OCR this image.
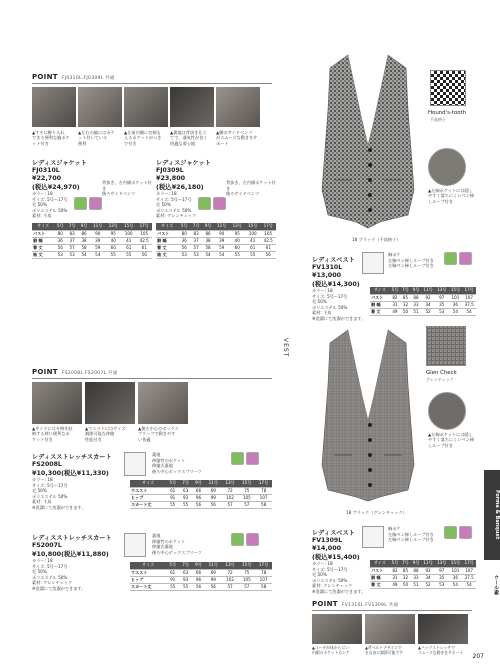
POINT FJ0310L.FJ0309L 共通
▲すそに飾り入れ
できる便利な脇ポケ
ット付き
▲左右の脇にはポケ
ット付いている
便利
▲左前内側に名刺も
入るポケットがつき
で付き
▲裏地は背抜き仕立
てで、通気性が良く
快適な着心地
▲腰のサイドベンツ
がスムーズな動きをサ
ポート
レディスジャケット
FJ0310L
¥22,700
(税込¥24,970)
カラー: 18
サイズ: 5号〜17号
毛 50%
ポリエステル 50%
素材: 千鳥
背抜き、左内側ポケット付き
後ろサイドベンツ
レディスジャケット
FJ0309L
¥23,800
(税込¥26,180)
カラー: 18
サイズ: 5号〜17号
毛 50%
ポリエステル 50%
素材: グレンチェック
背抜き、左内側ポケット付き
後ろサイドベンツ
サイズ	5号	7号	9号	11号	13号	15号	17号
バスト	80	83	86	90	95	100	105
胴 幅	36	37	38	39	40	41	42.5
着 丈	56	57	58	59	60	61	61
袖 丈	53	53	54	54	55	55	56
サイズ	5号	7号	9号	11号	13号	15号	17号
バスト	80	83	86	90	95	100	105
胴 幅	36	37	38	39	40	41	42.5
着 丈	56	57	58	59	60	61	61
袖 丈	53	53	54	54	55	55	56
18 ブラック（千鳥格子）
Hound's-tooth
千鳥格子
▲左胸ポケットには隠し
やすく落ちにくいペン挿
しループ付き
レディスベスト
FV1310L
¥13,000
(税込¥14,300)
カラー: 18
サイズ: 5号〜17号
毛 50%
ポリエステル 50%
素材: 千鳥
※洗濯にて洗濯ができます。
胸ポケ
左胸ペン挿しループ付き
左胸ペン挿しループ付き
サイズ	5号	7号	9号	11号	13号	15号	17号
バスト	82	85	88	92	97	101	107
胴 幅	31	32	33	34	35	36	37.5
着 丈	49	50	51	52	53	54	54
VEST
POINT FS2008L.FS2007L 共通
▲サイドにはキ物を収
納する時に便利なポ
ケット付き
▲ウエストにはサイズ
調節可能な伸縮
性能付き
▲後ろ中心のボックス
プリーツで動きやす
い快適
レディスストレッチスカート
FS2008L
¥10,300(税込¥11,330)
カラー: 18
サイズ: 5号〜17号
毛 50%
ポリエステル 50%
素材: 千鳥
※洗濯にて洗濯ができます。
裏地
伸縮性のポケット
伸縮式裏地
後ろ中心ボックスプリーツ
サイズ	5号	7号	9号	11号	13号	15号	17号
ウエスト	61	63	66	69	72	75	78
ヒップ	91	93	96	99	102	105	107
スカート丈	55	55	56	56	57	57	58
レディスストレッチスカート
FS2007L
¥10,800(税込¥11,880)
カラー: 18
サイズ: 5号〜17号
毛 50%
ポリエステル 50%
素材: グレンチェック
※洗濯にて洗濯ができます。
裏地
伸縮性のポケット
伸縮式裏地
後ろ中心ボックスプリーツ
サイズ	5号	7号	9号	11号	13号	15号	17号
ウエスト	61	63	66	69	72	75	78
ヒップ	91	93	96	99	102	105	107
スカート丈	55	55	56	56	57	57	58
18 ブラック（グレンチェック）
Glen Check
グレンチェック
▲左胸ポケットには隠し
やすく落ちにくいペン挿
しループ付き
レディスベスト
FV1309L
¥14,000
(税込¥15,400)
カラー: 18
サイズ: 5号〜17号
毛 50%
ポリエステル 50%
素材: グレンチェック
※洗濯にて洗濯ができます。
胸ポケ
左胸ペン挿しループ付き
左胸ペン挿しループ付き
サイズ	5号	7号	9号	11号	13号	15号	17号
バスト	82	85	88	92	97	101	107
胴 幅	31	32	33	34	35	36	37.5
着 丈	49	50	51	52	53	54	54
POINT FV1310L.FV1309L 共通
▲ユーザが体からにい
内側のポケットもンケ
▲背ベルトデザインで
を自由に調節可能です
▲バックストレッチで
スムーズな動きをサポート
Forma & Banquet
ウール素
207
